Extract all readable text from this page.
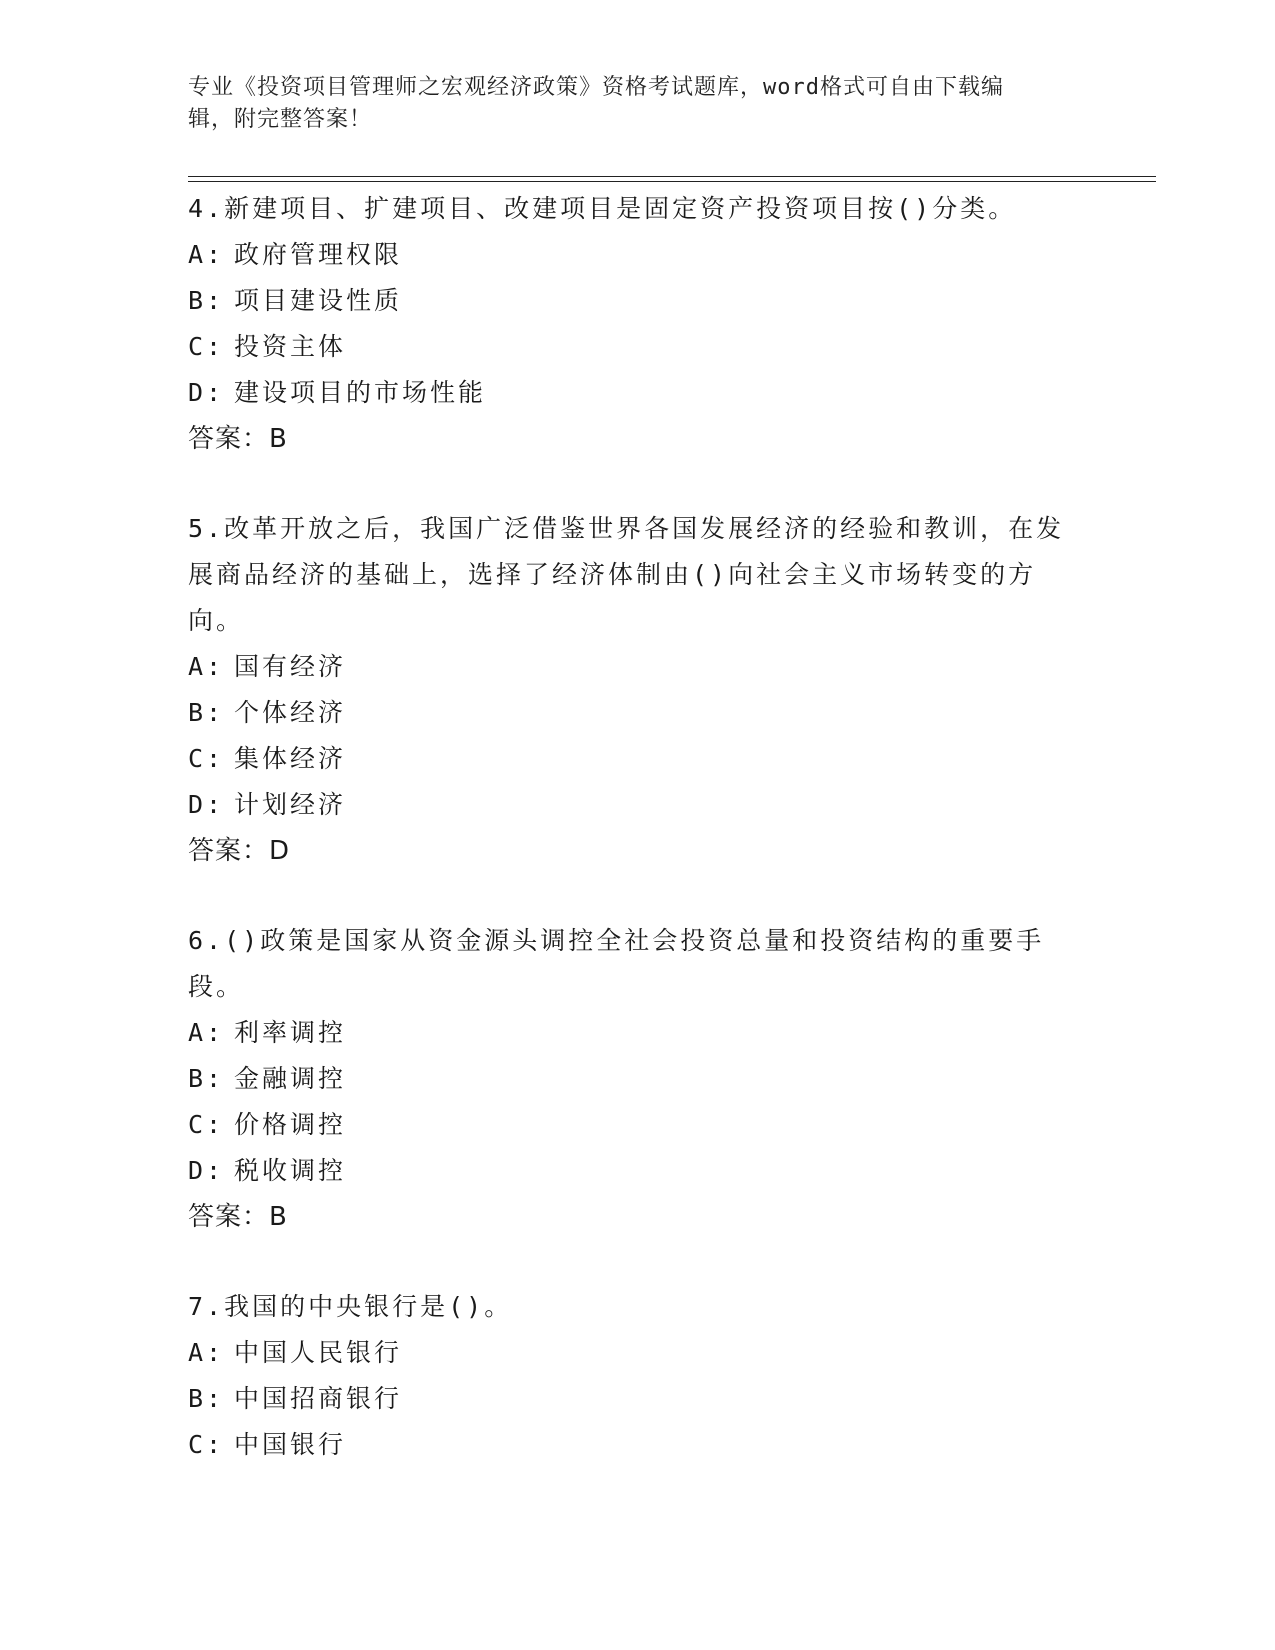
专业《投资项目管理师之宏观经济政策》资格考试题库，word格式可自由下载编
辑，附完整答案！
4.新建项目、扩建项目、改建项目是固定资产投资项目按()分类。
A: 政府管理权限
B: 项目建设性质
C: 投资主体
D: 建设项目的市场性能
答案：B
5.改革开放之后，我国广泛借鉴世界各国发展经济的经验和教训，在发展商品经济的基础上，选择了经济体制由()向社会主义市场转变的方向。
A: 国有经济
B: 个体经济
C: 集体经济
D: 计划经济
答案：D
6.()政策是国家从资金源头调控全社会投资总量和投资结构的重要手段。
A: 利率调控
B: 金融调控
C: 价格调控
D: 税收调控
答案：B
7.我国的中央银行是()。
A: 中国人民银行
B: 中国招商银行
C: 中国银行
